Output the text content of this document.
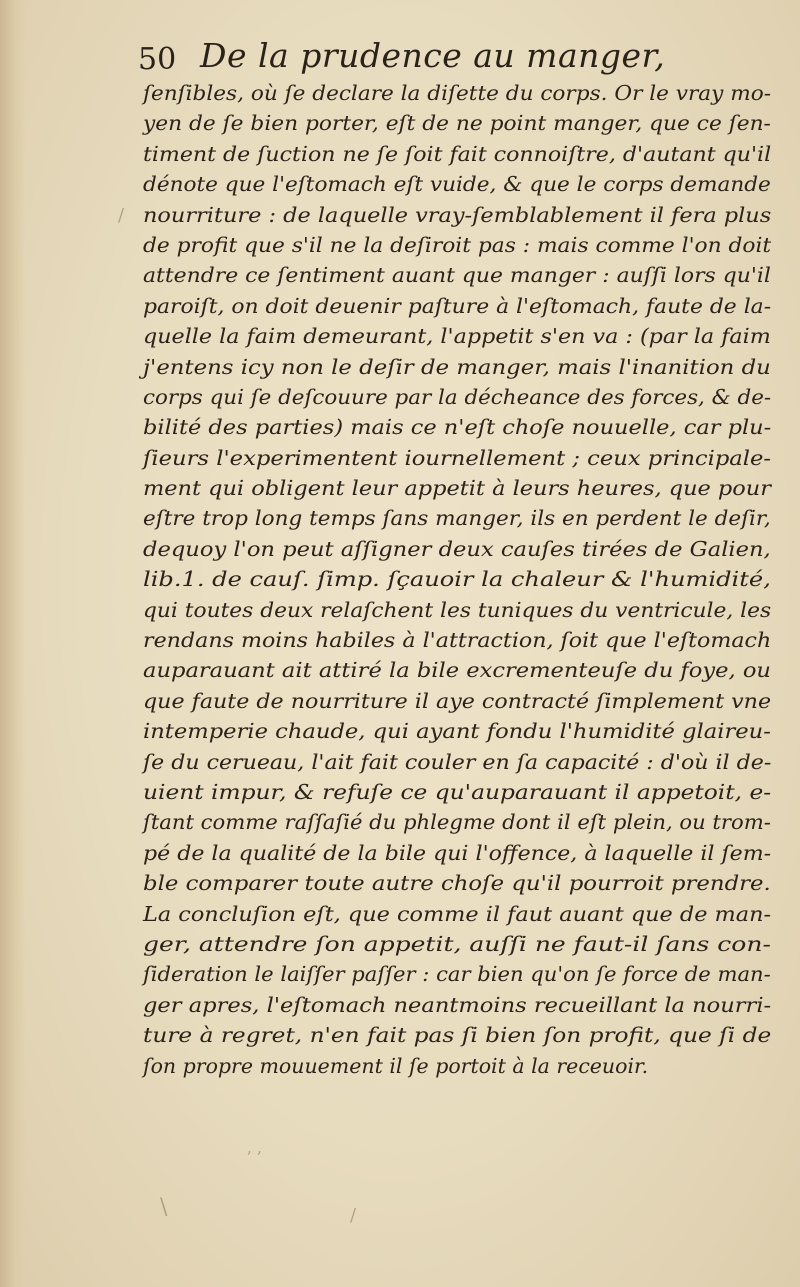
50 De la prudence au manger,
ſenſibles, où ſe declare la diſette du corps. Or le vray mo-
yen de ſe bien porter, eſt de ne point manger, que ce ſen-
timent de ſuction ne ſe ſoit fait connoiſtre, d'autant qu'il
dénote que l'eſtomach eſt vuide, & que le corps demande
nourriture : de laquelle vray-ſemblablement il fera plus
de profit que s'il ne la deſiroit pas : mais comme l'on doit
attendre ce ſentiment auant que manger : auſſi lors qu'il
paroiſt, on doit deuenir paſture à l'eſtomach, faute de la-
quelle la faim demeurant, l'appetit s'en va : (par la faim
j'entens icy non le deſir de manger, mais l'inanition du
corps qui ſe deſcouure par la décheance des forces, & de-
bilité des parties) mais ce n'eſt choſe nouuelle, car plu-
ſieurs l'experimentent iournellement ; ceux principale-
ment qui obligent leur appetit à leurs heures, que pour
eſtre trop long temps ſans manger, ils en perdent le deſir,
dequoy l'on peut aſſigner deux cauſes tirées de Galien,
lib.1. de cauſ. ſimp. ſçauoir la chaleur & l'humidité,
qui toutes deux relaſchent les tuniques du ventricule, les
rendans moins habiles à l'attraction, ſoit que l'eſtomach
auparauant ait attiré la bile excrementeuſe du foye, ou
que faute de nourriture il aye contracté ſimplement vne
intemperie chaude, qui ayant fondu l'humidité glaireu-
ſe du cerueau, l'ait fait couler en ſa capacité : d'où il de-
uient impur, & refuſe ce qu'auparauant il appetoit, e-
ſtant comme raſſaſié du phlegme dont il eſt plein, ou trom-
pé de la qualité de la bile qui l'offence, à laquelle il ſem-
ble comparer toute autre choſe qu'il pourroit prendre.
La concluſion eſt, que comme il faut auant que de man-
ger, attendre ſon appetit, auſſi ne faut-il ſans con-
ſideration le laiſſer paſſer : car bien qu'on ſe force de man-
ger apres, l'eſtomach neantmoins recueillant la nourri-
ture à regret, n'en fait pas ſi bien ſon profit, que ſi de
ſon propre mouuement il ſe portoit à la receuoir.
/
ʼ ʼ
\	/
